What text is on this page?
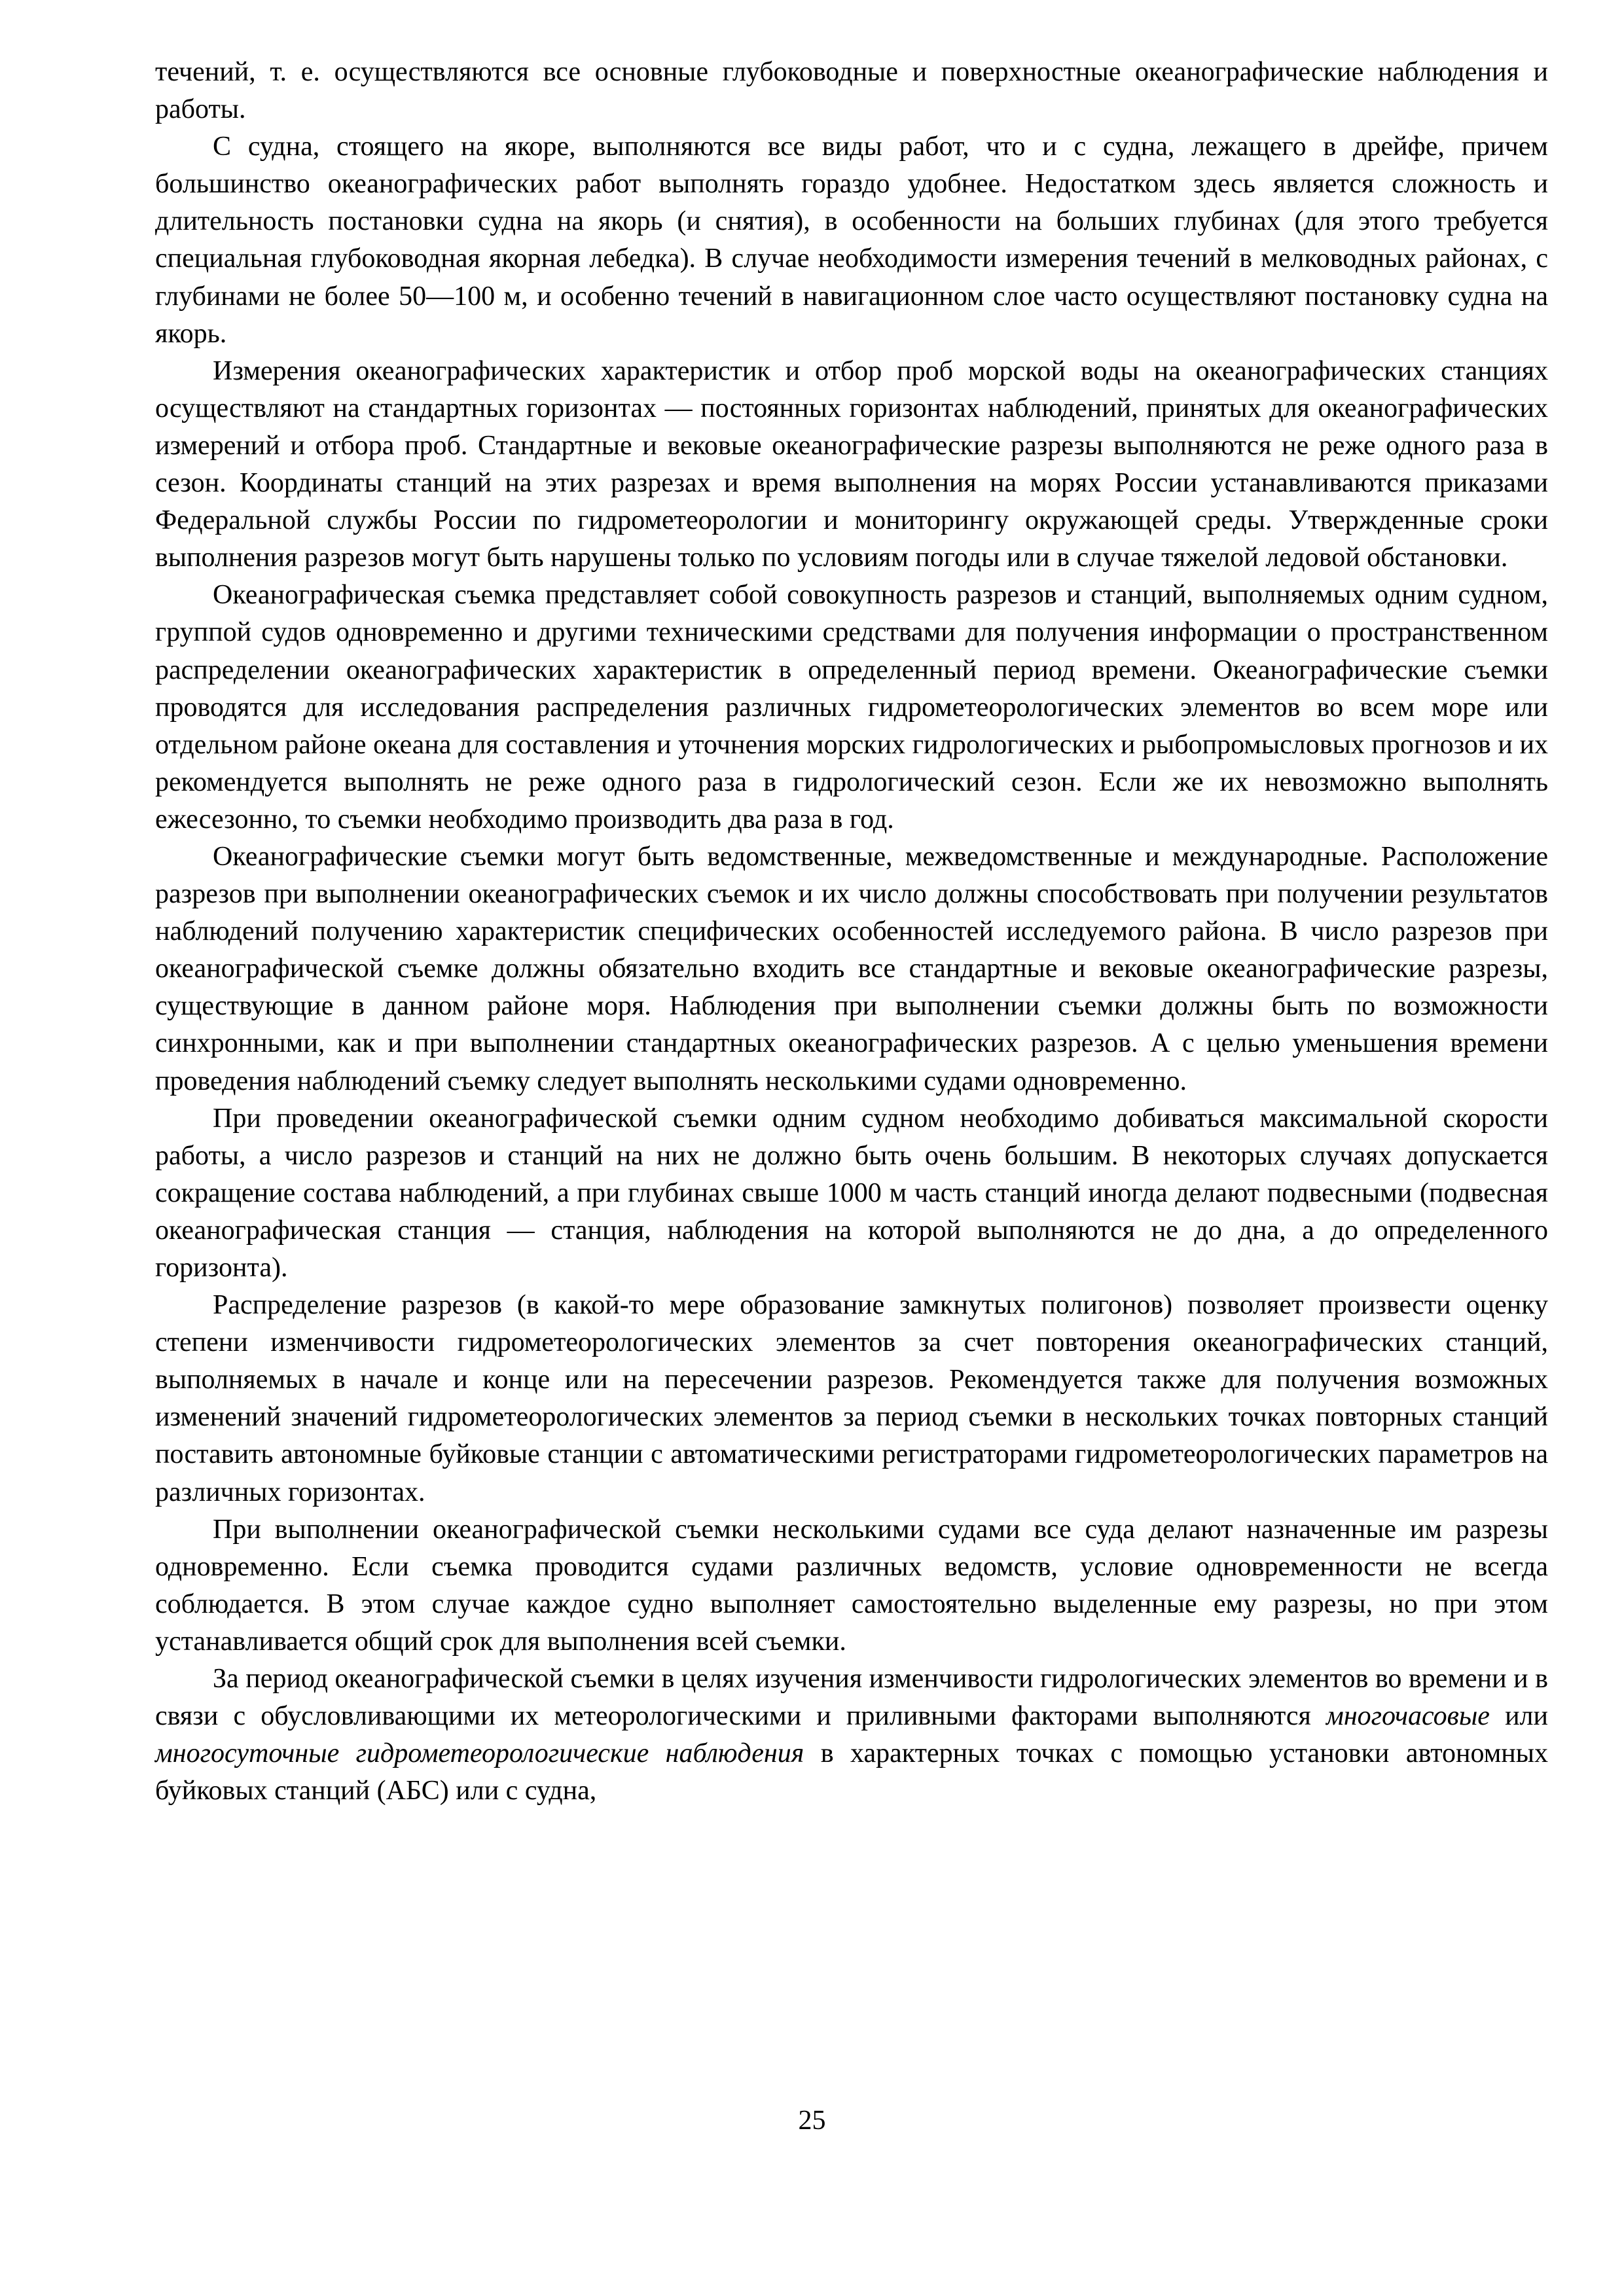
течений, т. е. осуществляются все основные глубоководные и поверхностные океанографические наблюдения и работы.

С судна, стоящего на якоре, выполняются все виды работ, что и с судна, лежащего в дрейфе, причем большинство океанографических работ выполнять гораздо удобнее. Недостатком здесь является сложность и длительность постановки судна на якорь (и снятия), в особенности на больших глубинах (для этого требуется специальная глубоководная якорная лебедка). В случае необходимости измерения течений в мелководных районах, с глубинами не более 50—100 м, и особенно течений в навигационном слое часто осуществляют постановку судна на якорь.

Измерения океанографических характеристик и отбор проб морской воды на океанографических станциях осуществляют на стандартных горизонтах — постоянных горизонтах наблюдений, принятых для океанографических измерений и отбора проб. Стандартные и вековые океанографические разрезы выполняются не реже одного раза в сезон. Координаты станций на этих разрезах и время выполнения на морях России устанавливаются приказами Федеральной службы России по гидрометеорологии и мониторингу окружающей среды. Утвержденные сроки выполнения разрезов могут быть нарушены только по условиям погоды или в случае тяжелой ледовой обстановки.

Океанографическая съемка представляет собой совокупность разрезов и станций, выполняемых одним судном, группой судов одновременно и другими техническими средствами для получения информации о пространственном распределении океанографических характеристик в определенный период времени. Океанографические съемки проводятся для исследования распределения различных гидрометеорологических элементов во всем море или отдельном районе океана для составления и уточнения морских гидрологических и рыбопромысловых прогнозов и их рекомендуется выполнять не реже одного раза в гидрологический сезон. Если же их невозможно выполнять ежесезонно, то съемки необходимо производить два раза в год.

Океанографические съемки могут быть ведомственные, межведомственные и международные. Расположение разрезов при выполнении океанографических съемок и их число должны способствовать при получении результатов наблюдений получению характеристик специфических особенностей исследуемого района. В число разрезов при океанографической съемке должны обязательно входить все стандартные и вековые океанографические разрезы, существующие в данном районе моря. Наблюдения при выполнении съемки должны быть по возможности синхронными, как и при выполнении стандартных океанографических разрезов. А с целью уменьшения времени проведения наблюдений съемку следует выполнять несколькими судами одновременно.

При проведении океанографической съемки одним судном необходимо добиваться максимальной скорости работы, а число разрезов и станций на них не должно быть очень большим. В некоторых случаях допускается сокращение состава наблюдений, а при глубинах свыше 1000 м часть станций иногда делают подвесными (подвесная океанографическая станция — станция, наблюдения на которой выполняются не до дна, а до определенного горизонта).

Распределение разрезов (в какой-то мере образование замкнутых полигонов) позволяет произвести оценку степени изменчивости гидрометеорологических элементов за счет повторения океанографических станций, выполняемых в начале и конце или на пересечении разрезов. Рекомендуется также для получения возможных изменений значений гидрометеорологических элементов за период съемки в нескольких точках повторных станций поставить автономные буйковые станции с автоматическими регистраторами гидрометеорологических параметров на различных горизонтах.

При выполнении океанографической съемки несколькими судами все суда делают назначенные им разрезы одновременно. Если съемка проводится судами различных ведомств, условие одновременности не всегда соблюдается. В этом случае каждое судно выполняет самостоятельно выделенные ему разрезы, но при этом устанавливается общий срок для выполнения всей съемки.

За период океанографической съемки в целях изучения изменчивости гидрологических элементов во времени и в связи с обусловливающими их метеорологическими и приливными факторами выполняются многочасовые или многосуточные гидрометеорологические наблюдения в характерных точках с помощью установки автономных буйковых станций (АБС) или с судна,

25
